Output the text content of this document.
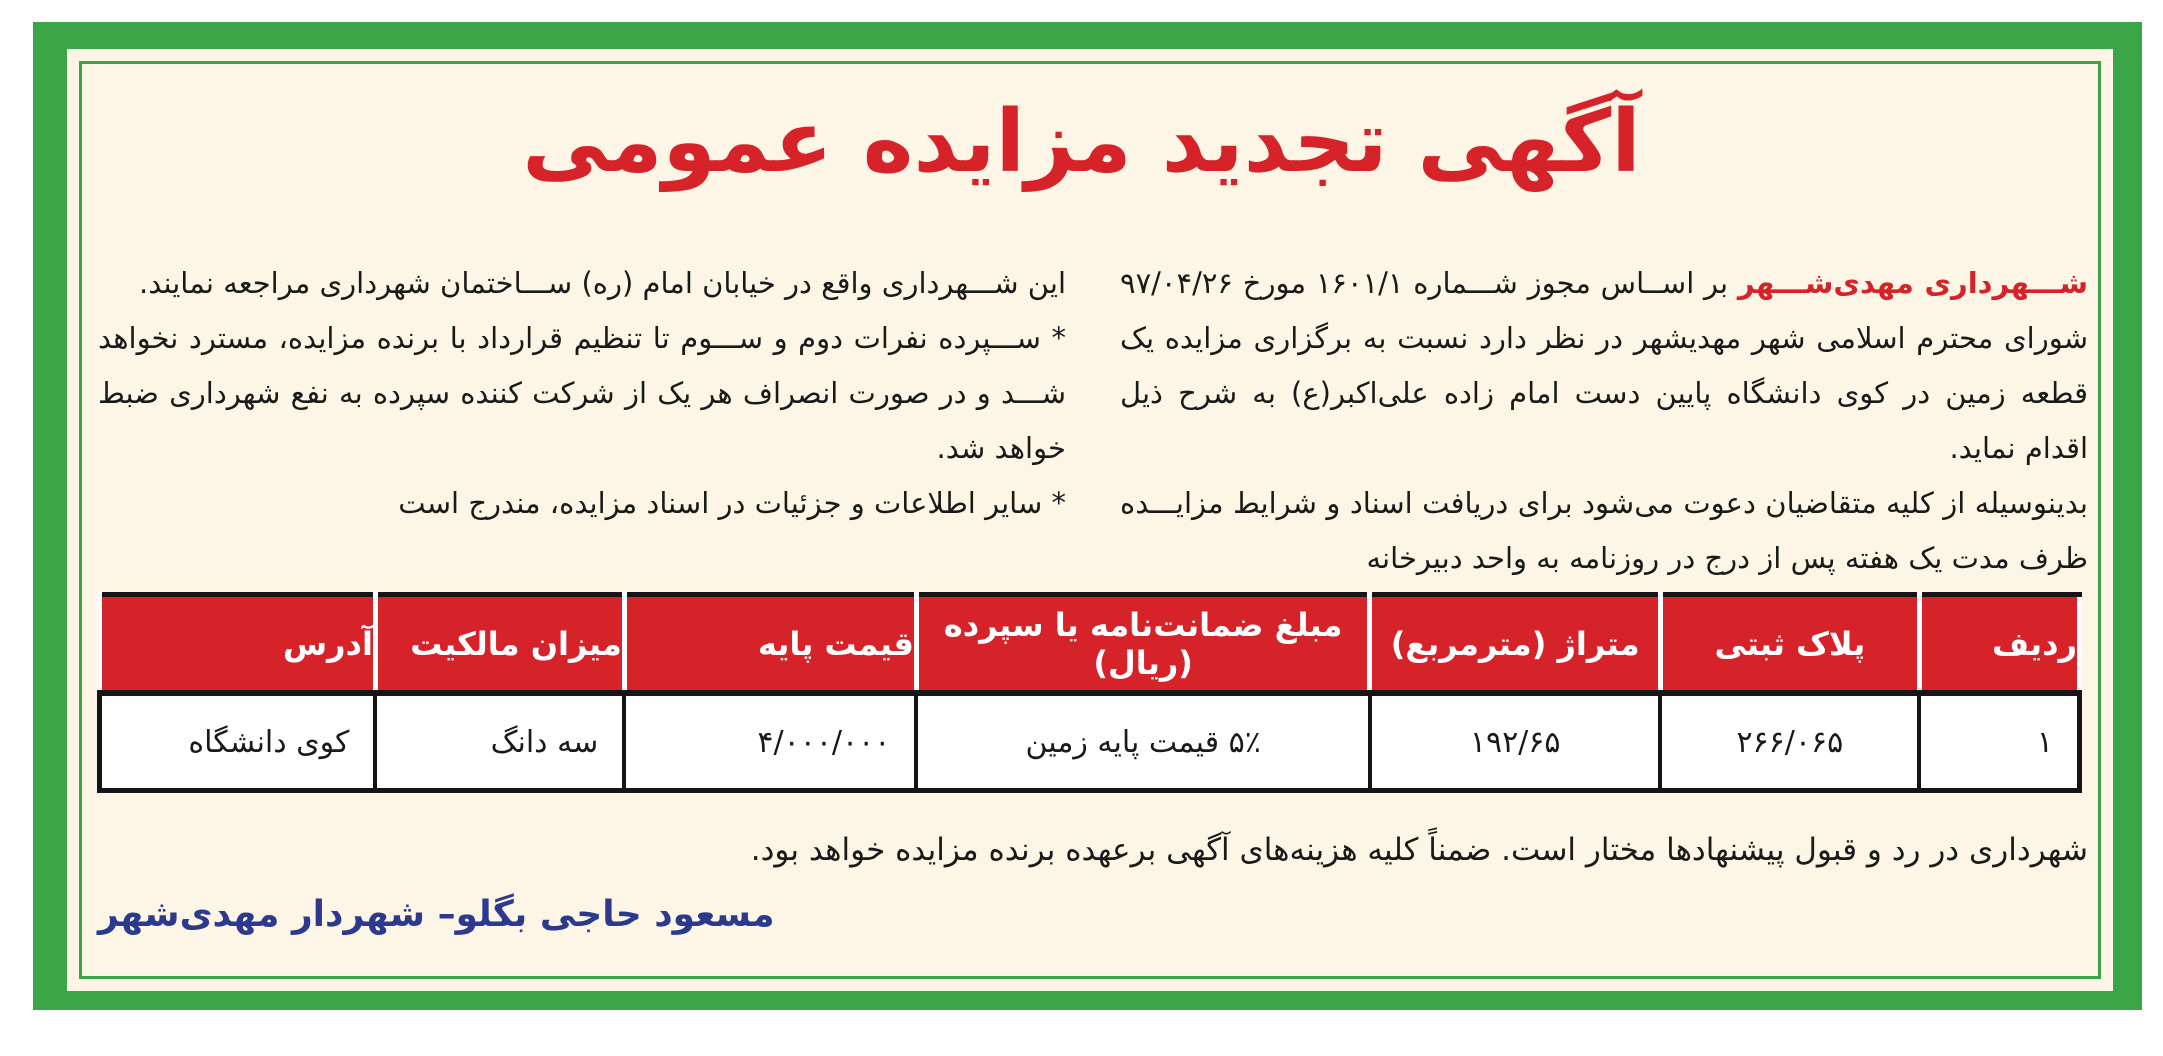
آگهی تجدید مزایده عمومی
شـــهرداری مهدی‌شـــهر بر اســاس مجوز شـــماره ۱۶۰۱/۱ مورخ ۹۷/۰۴/۲۶ شورای محترم اسلامی شهر مهدیشهر در نظر دارد نسبت به برگزاری مزایده یک قطعه زمین در کوی دانشگاه پایین دست امام زاده علی‌اکبر(ع) به شرح ذیل اقدام نماید.
بدینوسیله از کلیه متقاضیان دعوت می‌شود برای دریافت اسناد و شرایط مزایـــده ظرف مدت یک هفته پس از درج در روزنامه به واحد دبیرخانه
این شـــهرداری واقع در خیابان امام (ره) ســـاختمان شهرداری مراجعه نمایند.
* ســـپرده نفرات دوم و ســـوم تا تنظیم قرارداد با برنده مزایده، مسترد نخواهد شـــد و در صورت انصراف هر یک از شرکت کننده سپرده به نفع شهرداری ضبط خواهد شد.
* سایر اطلاعات و جزئیات در اسناد مزایده، مندرج است
ردیف	پلاک ثبتی	متراژ (مترمربع)	مبلغ ضمانت‌نامه یا سپرده (ریال)	قیمت پایه	میزان مالکیت	آدرس
۱	۲۶۶/۰۶۵	۱۹۲/۶۵	۵٪ قیمت پایه زمین	۴/۰۰۰/۰۰۰	سه دانگ	کوی دانشگاه
شهرداری در رد و قبول پیشنهادها مختار است. ضمناً کلیه هزینه‌های آگهی برعهده برنده مزایده خواهد بود.
مسعود حاجی بگلو– شهردار مهدی‌شهر
